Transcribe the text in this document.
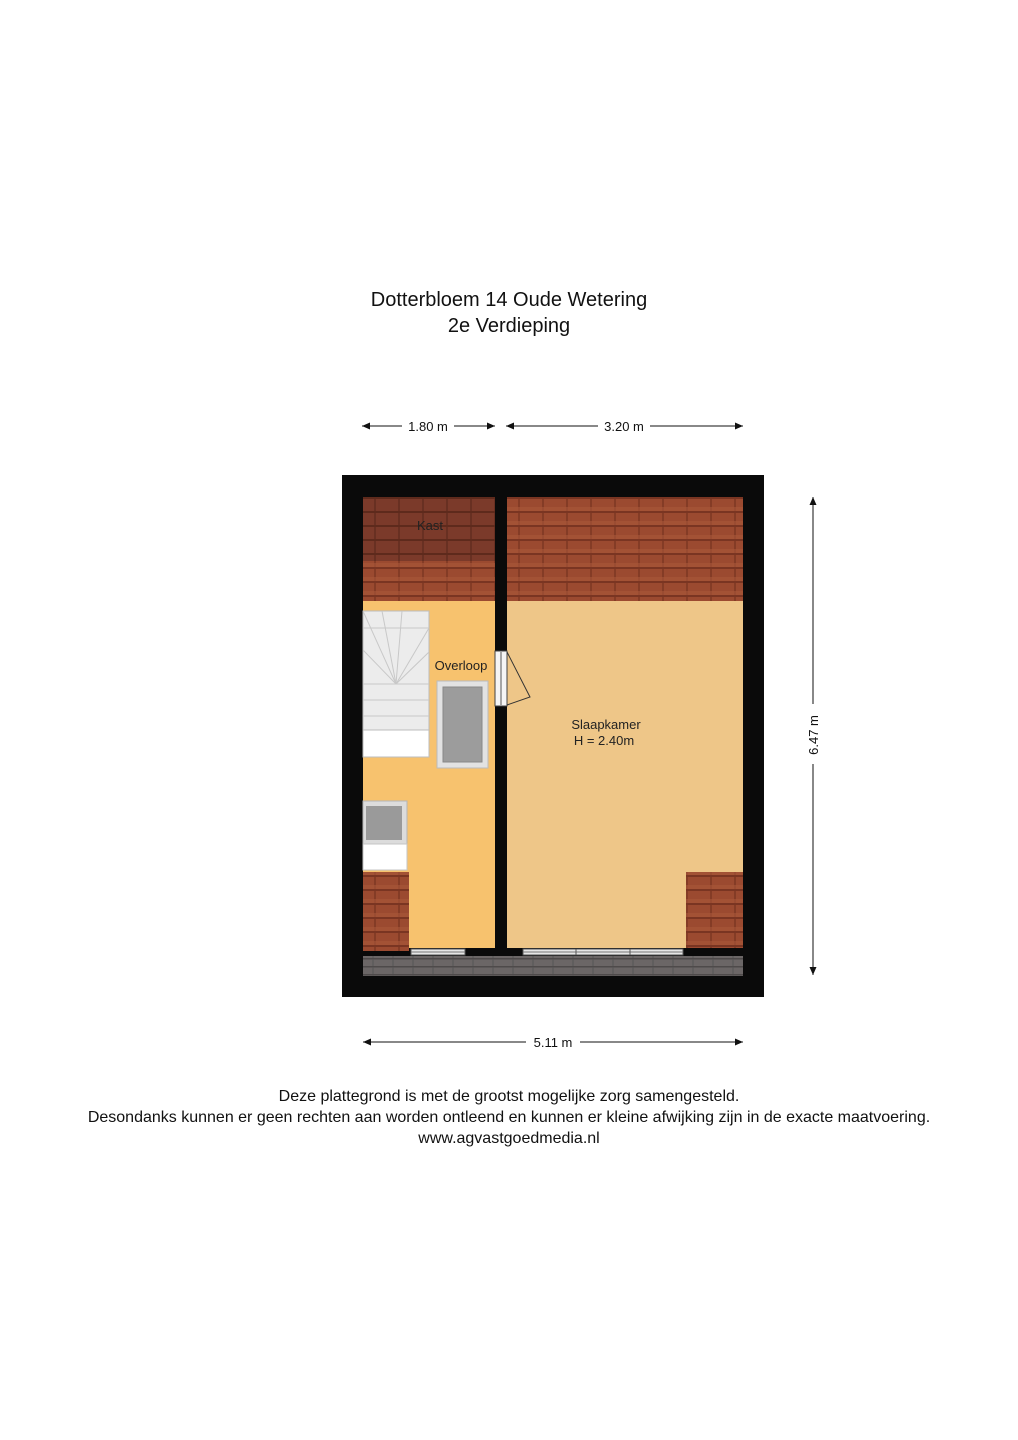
Dotterbloem 14 Oude Wetering
2e Verdieping
Kast
Overloop
Slaapkamer
H = 2.40m
1.80 m	3.20 m
6.47 m
5.11 m
Deze plattegrond is met de grootst mogelijke zorg samengesteld.
Desondanks kunnen er geen rechten aan worden ontleend en kunnen er kleine afwijking zijn in de exacte maatvoering.
www.agvastgoedmedia.nl
